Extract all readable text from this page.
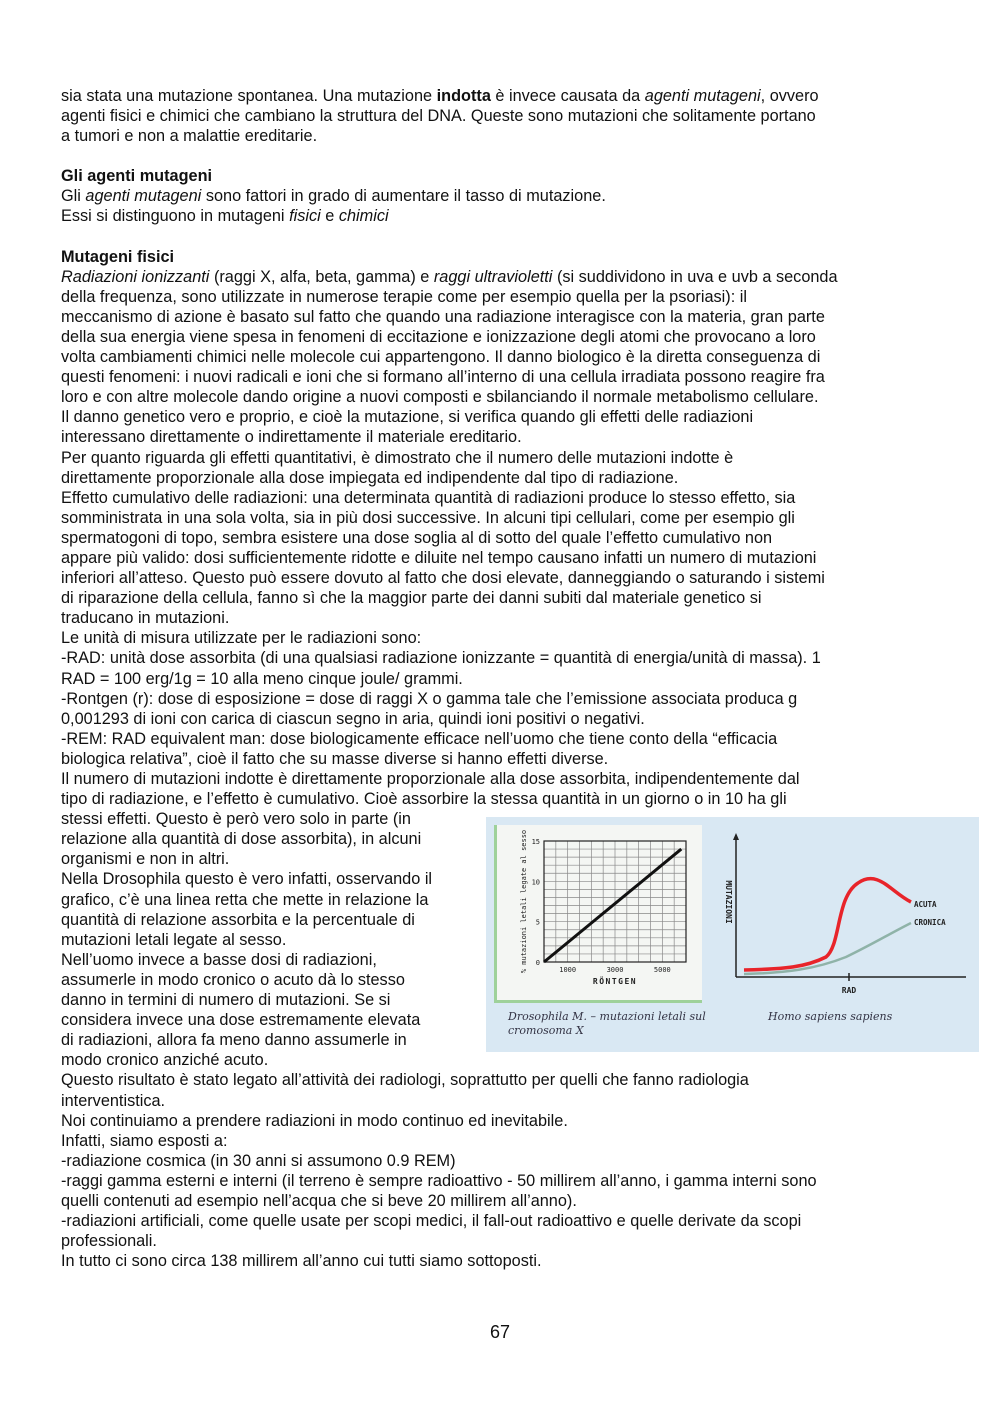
sia stata una mutazione spontanea. Una mutazione indotta è invece causata da agenti mutageni, ovvero

agenti fisici e chimici che cambiano la struttura del DNA. Queste sono mutazioni che solitamente portano

a tumori e non a malattie ereditarie.

Gli agenti mutageni

Gli agenti mutageni sono fattori in grado di aumentare il tasso di mutazione.

Essi si distinguono in mutageni fisici e chimici

Mutageni fisici

Radiazioni ionizzanti (raggi X, alfa, beta, gamma) e raggi ultravioletti (si suddividono in uva e uvb a seconda

della frequenza, sono utilizzate in numerose terapie come per esempio quella per la psoriasi): il

meccanismo di azione è basato sul fatto che quando una radiazione interagisce con la materia, gran parte

della sua energia viene spesa in fenomeni di eccitazione e ionizzazione degli atomi che provocano a loro

volta cambiamenti chimici nelle molecole cui appartengono. Il danno biologico è la diretta conseguenza di

questi fenomeni: i nuovi radicali e ioni che si formano all’interno di una cellula irradiata possono reagire fra

loro e con altre molecole dando origine a nuovi composti e sbilanciando il normale metabolismo cellulare.

Il danno genetico vero e proprio, e cioè la mutazione, si verifica quando gli effetti delle radiazioni

interessano direttamente o indirettamente il materiale ereditario.

Per quanto riguarda gli effetti quantitativi, è dimostrato che il numero delle mutazioni indotte è

direttamente proporzionale alla dose impiegata ed indipendente dal tipo di radiazione.

Effetto cumulativo delle radiazioni: una determinata quantità di radiazioni produce lo stesso effetto, sia

somministrata in una sola volta, sia in più dosi successive. In alcuni tipi cellulari, come per esempio gli

spermatogoni di topo, sembra esistere una dose soglia al di sotto del quale l’effetto cumulativo non

appare più valido: dosi sufficientemente ridotte e diluite nel tempo causano infatti un numero di mutazioni

inferiori all’atteso. Questo può essere dovuto al fatto che dosi elevate, danneggiando o saturando i sistemi

di riparazione della cellula, fanno sì che la maggior parte dei danni subiti dal materiale genetico si

traducano in mutazioni.

Le unità di misura utilizzate per le radiazioni sono:

-RAD: unità dose assorbita (di una qualsiasi radiazione ionizzante = quantità di energia/unità di massa). 1

RAD = 100 erg/1g = 10 alla meno cinque joule/ grammi.

-Rontgen (r): dose di esposizione = dose di raggi X o gamma tale che l’emissione associata produca g

0,001293 di ioni con carica di ciascun segno in aria, quindi ioni positivi o negativi.

-REM: RAD equivalent man: dose biologicamente efficace nell’uomo che tiene conto della “efficacia

biologica relativa”, cioè il fatto che su masse diverse si hanno effetti diverse.

Il numero di mutazioni indotte è direttamente proporzionale alla dose assorbita, indipendentemente dal

tipo di radiazione, e l’effetto è cumulativo. Cioè assorbire la stessa quantità in un giorno o in 10 ha gli

stessi effetti. Questo è però vero solo in parte (in

relazione alla quantità di dose assorbita), in alcuni

organismi e non in altri.

Nella Drosophila questo è vero infatti, osservando il

grafico, c’è una linea retta che mette in relazione la

quantità di relazione assorbita e la percentuale di

mutazioni letali legate al sesso.

Nell’uomo invece a basse dosi di radiazioni,

assumerle in modo cronico o acuto dà lo stesso

danno in termini di numero di mutazioni. Se si

considera invece una dose estremamente elevata

di radiazioni, allora fa meno danno assumerle in

modo cronico anziché acuto.

0
5
10
15
1000	3000	5000
RÖNTGEN
% mutazioni letali legate al sesso	MUTAZIONI
RAD
ACUTA
CRONICA
Drosophila M. – mutazioni letali sul cromosoma X
Homo sapiens sapiens

Questo risultato è stato legato all’attività dei radiologi, soprattutto per quelli che fanno radiologia

interventistica.

Noi continuiamo a prendere radiazioni in modo continuo ed inevitabile.

Infatti, siamo esposti a:

-radiazione cosmica (in 30 anni si assumono 0.9 REM)

-raggi gamma esterni e interni (il terreno è sempre radioattivo - 50 millirem all’anno, i gamma interni sono

quelli contenuti ad esempio nell’acqua che si beve 20 millirem all’anno).

-radiazioni artificiali, come quelle usate per scopi medici, il fall-out radioattivo e quelle derivate da scopi

professionali.

In tutto ci sono circa 138 millirem all’anno cui tutti siamo sottoposti.

67
